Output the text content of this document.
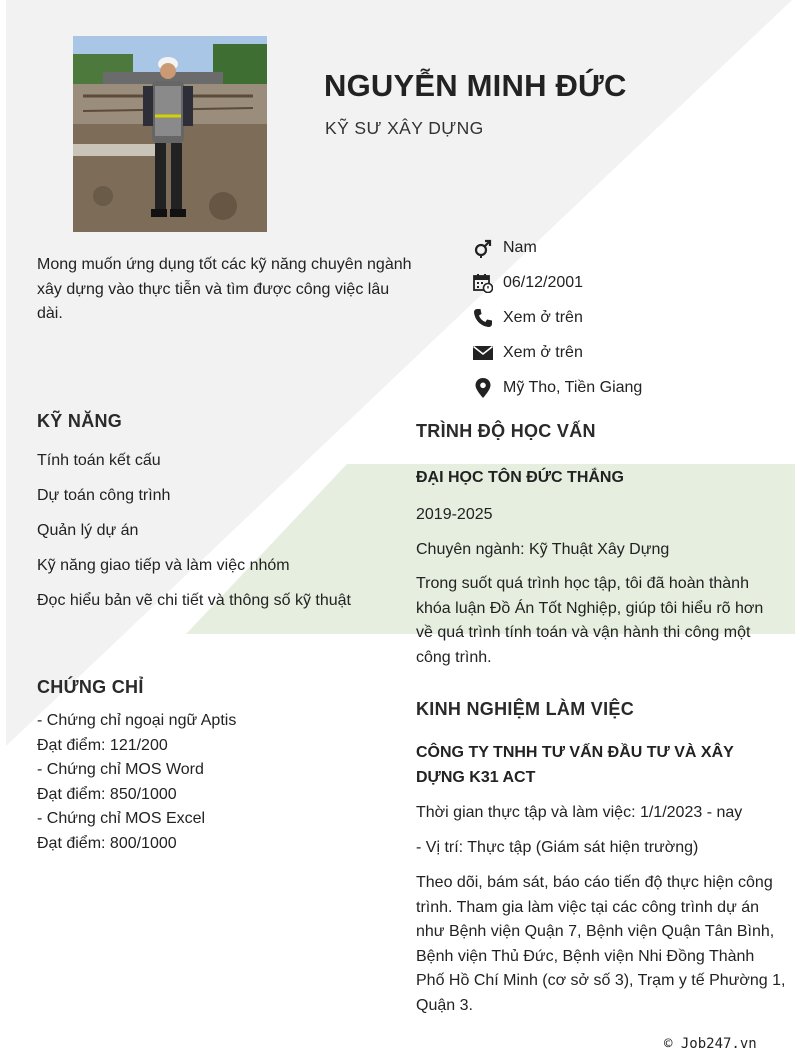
NGUYỄN MINH ĐỨC
KỸ SƯ XÂY DỰNG
Mong muốn ứng dụng tốt các kỹ năng chuyên ngành xây dựng vào thực tiễn và tìm được công việc lâu dài.
Nam
06/12/2001
Xem ở trên
Xem ở trên
Mỹ Tho, Tiền Giang
KỸ NĂNG
Tính toán kết cấu
Dự toán công trình
Quản lý dự án
Kỹ năng giao tiếp và làm việc nhóm
Đọc hiểu bản vẽ chi tiết và thông số kỹ thuật
CHỨNG CHỈ
- Chứng chỉ ngoại ngữ Aptis
Đạt điểm: 121/200
- Chứng chỉ MOS Word
Đạt điểm: 850/1000
- Chứng chỉ MOS Excel
Đạt điểm: 800/1000
TRÌNH ĐỘ HỌC VẤN
ĐẠI HỌC TÔN ĐỨC THẮNG
2019-2025
Chuyên ngành: Kỹ Thuật Xây Dựng
Trong suốt quá trình học tập, tôi đã hoàn thành khóa luận Đồ Án Tốt Nghiệp, giúp tôi hiểu rõ hơn về quá trình tính toán và vận hành thi công một công trình.
KINH NGHIỆM LÀM VIỆC
CÔNG TY TNHH TƯ VẤN ĐẦU TƯ VÀ XÂY DỰNG K31 ACT
Thời gian thực tập và làm việc: 1/1/2023 - nay
- Vị trí: Thực tập (Giám sát hiện trường)
Theo dõi, bám sát, báo cáo tiến độ thực hiện công trình. Tham gia làm việc tại các công trình dự án như Bệnh viện Quận 7, Bệnh viện Quận Tân Bình, Bệnh viện Thủ Đức, Bệnh viện Nhi Đồng Thành Phố Hồ Chí Minh (cơ sở số 3), Trạm y tế Phường 1, Quận 3.
© Job247.vn
